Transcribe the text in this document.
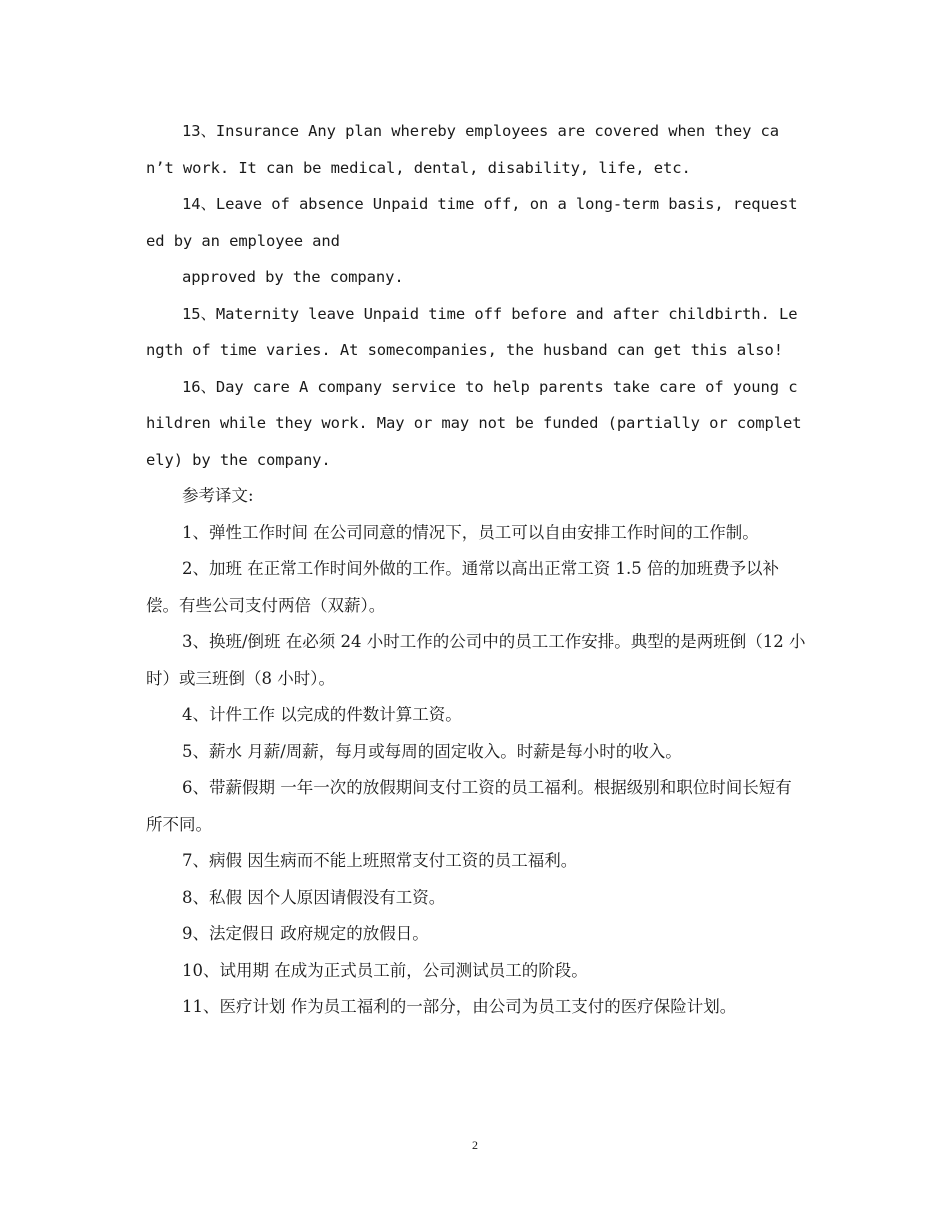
13、Insurance Any plan whereby employees are covered when they can’t work. It can be medical, dental, disability, life, etc.

14、Leave of absence Unpaid time off, on a long-term basis, requested by an employee and

approved by the company.

15、Maternity leave Unpaid time off before and after childbirth. Length of time varies. At somecompanies, the husband can get this also!

16、Day care A company service to help parents take care of young children while they work. May or may not be funded (partially or completely) by the company.

参考译文:

1、弹性工作时间 在公司同意的情况下，员工可以自由安排工作时间的工作制。

2、加班 在正常工作时间外做的工作。通常以高出正常工资 1.5 倍的加班费予以补偿。有些公司支付两倍（双薪）。

3、换班/倒班 在必须 24 小时工作的公司中的员工工作安排。典型的是两班倒（12 小时）或三班倒（8 小时）。

4、计件工作 以完成的件数计算工资。

5、薪水 月薪/周薪，每月或每周的固定收入。时薪是每小时的收入。

6、带薪假期 一年一次的放假期间支付工资的员工福利。根据级别和职位时间长短有所不同。

7、病假 因生病而不能上班照常支付工资的员工福利。

8、私假 因个人原因请假没有工资。

9、法定假日 政府规定的放假日。

10、试用期 在成为正式员工前，公司测试员工的阶段。

11、医疗计划 作为员工福利的一部分，由公司为员工支付的医疗保险计划。

2
